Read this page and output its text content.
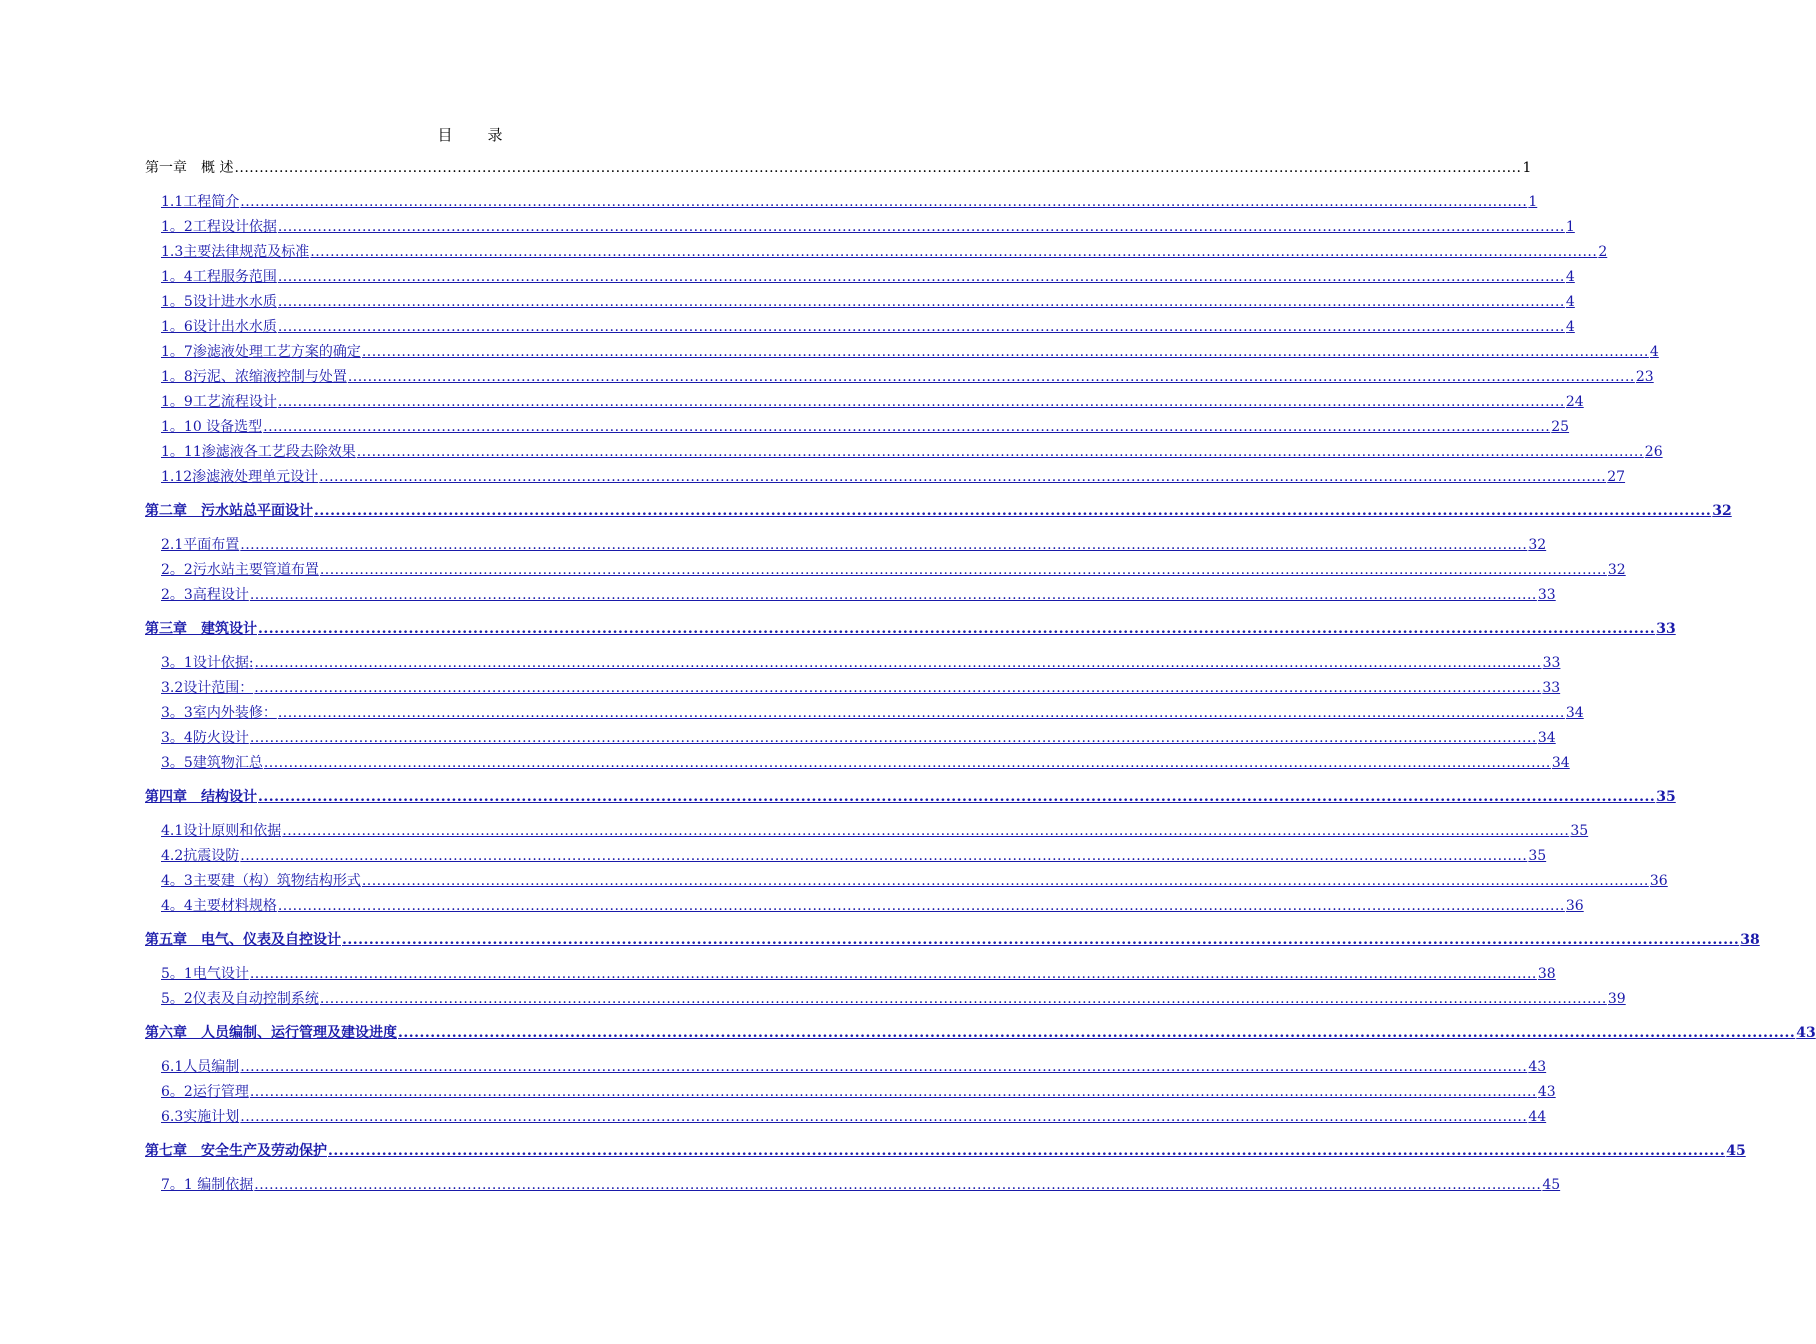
目　录
第一章　概 述 .................................................................................................................................................................................................................................................................... 1
1.1工程简介 .................................................................................................................................................................................................................................................................... 1
1。2工程设计依据 .................................................................................................................................................................................................................................................................... 1
1.3主要法律规范及标准 .................................................................................................................................................................................................................................................................... 2
1。4工程服务范围 .................................................................................................................................................................................................................................................................... 4
1。5设计进水水质 .................................................................................................................................................................................................................................................................... 4
1。6设计出水水质 .................................................................................................................................................................................................................................................................... 4
1。7渗滤液处理工艺方案的确定 .................................................................................................................................................................................................................................................................... 4
1。8污泥、浓缩液控制与处置 .................................................................................................................................................................................................................................................................... 23
1。9工艺流程设计 .................................................................................................................................................................................................................................................................... 24
1。10 设备选型 .................................................................................................................................................................................................................................................................... 25
1。11渗滤液各工艺段去除效果 .................................................................................................................................................................................................................................................................... 26
1.12渗滤液处理单元设计 .................................................................................................................................................................................................................................................................... 27
第二章　污水站总平面设计 .................................................................................................................................................................................................................................................................... 32
2.1平面布置 .................................................................................................................................................................................................................................................................... 32
2。2污水站主要管道布置 .................................................................................................................................................................................................................................................................... 32
2。3高程设计 .................................................................................................................................................................................................................................................................... 33
第三章　建筑设计 .................................................................................................................................................................................................................................................................... 33
3。1设计依据: .................................................................................................................................................................................................................................................................... 33
3.2设计范围： .................................................................................................................................................................................................................................................................... 33
3。3室内外装修： .................................................................................................................................................................................................................................................................... 34
3。4防火设计 .................................................................................................................................................................................................................................................................... 34
3。5建筑物汇总 .................................................................................................................................................................................................................................................................... 34
第四章　结构设计 .................................................................................................................................................................................................................................................................... 35
4.1设计原则和依据 .................................................................................................................................................................................................................................................................... 35
4.2抗震设防 .................................................................................................................................................................................................................................................................... 35
4。3主要建（构）筑物结构形式 .................................................................................................................................................................................................................................................................... 36
4。4主要材料规格 .................................................................................................................................................................................................................................................................... 36
第五章　电气、仪表及自控设计 .................................................................................................................................................................................................................................................................... 38
5。1电气设计 .................................................................................................................................................................................................................................................................... 38
5。2仪表及自动控制系统 .................................................................................................................................................................................................................................................................... 39
第六章　人员编制、运行管理及建设进度 .................................................................................................................................................................................................................................................................... 43
6.1人员编制 .................................................................................................................................................................................................................................................................... 43
6。2运行管理 .................................................................................................................................................................................................................................................................... 43
6.3实施计划 .................................................................................................................................................................................................................................................................... 44
第七章　安全生产及劳动保护 .................................................................................................................................................................................................................................................................... 45
7。1 编制依据 .................................................................................................................................................................................................................................................................... 45
